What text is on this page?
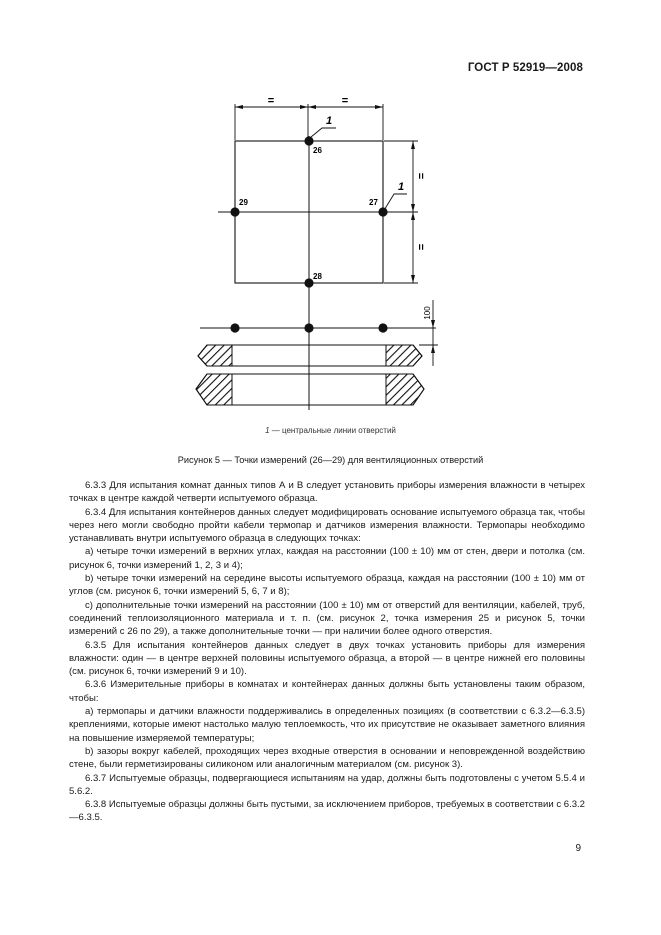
ГОСТ Р 52919—2008
=	=
=
=
1
1
26
27
28
29
100
1 — центральные линии отверстий
Рисунок 5 — Точки измерений (26—29) для вентиляционных отверстий

6.3.3 Для испытания комнат данных типов А и В следует установить приборы измерения влажности в четырех точках в центре каждой четверти испытуемого образца.

6.3.4 Для испытания контейнеров данных следует модифицировать основание испытуемого образца так, чтобы через него могли свободно пройти кабели термопар и датчиков измерения влажности. Термопары необходимо устанавливать внутри испытуемого образца в следующих точках:

а) четыре точки измерений в верхних углах, каждая на расстоянии (100 ± 10) мм от стен, двери и потолка (см. рисунок 6, точки измерений 1, 2, 3 и 4);

b) четыре точки измерений на середине высоты испытуемого образца, каждая на расстоянии (100 ± 10) мм от углов (см. рисунок 6, точки измерений 5, 6, 7 и 8);

с) дополнительные точки измерений на расстоянии (100 ± 10) мм от отверстий для вентиляции, кабелей, труб, соединений теплоизоляционного материала и т. п. (см. рисунок 2, точка измерения 25 и рисунок 5, точки измерений с 26 по 29), а также дополнительные точки — при наличии более одного отверстия.

6.3.5 Для испытания контейнеров данных следует в двух точках установить приборы для измерения влажности: один — в центре верхней половины испытуемого образца, а второй — в центре нижней его половины (см. рисунок 6, точки измерений 9 и 10).

6.3.6 Измерительные приборы в комнатах и контейнерах данных должны быть установлены таким образом, чтобы:

а) термопары и датчики влажности поддерживались в определенных позициях (в соответствии с 6.3.2—6.3.5) креплениями, которые имеют настолько малую теплоемкость, что их присутствие не оказывает заметного влияния на повышение измеряемой температуры;

b) зазоры вокруг кабелей, проходящих через входные отверстия в основании и неповрежденной воздействию стене, были герметизированы силиконом или аналогичным материалом (см. рисунок 3).

6.3.7 Испытуемые образцы, подвергающиеся испытаниям на удар, должны быть подготовлены с учетом 5.5.4 и 5.6.2.

6.3.8 Испытуемые образцы должны быть пустыми, за исключением приборов, требуемых в соответствии с 6.3.2—6.3.5.

9
